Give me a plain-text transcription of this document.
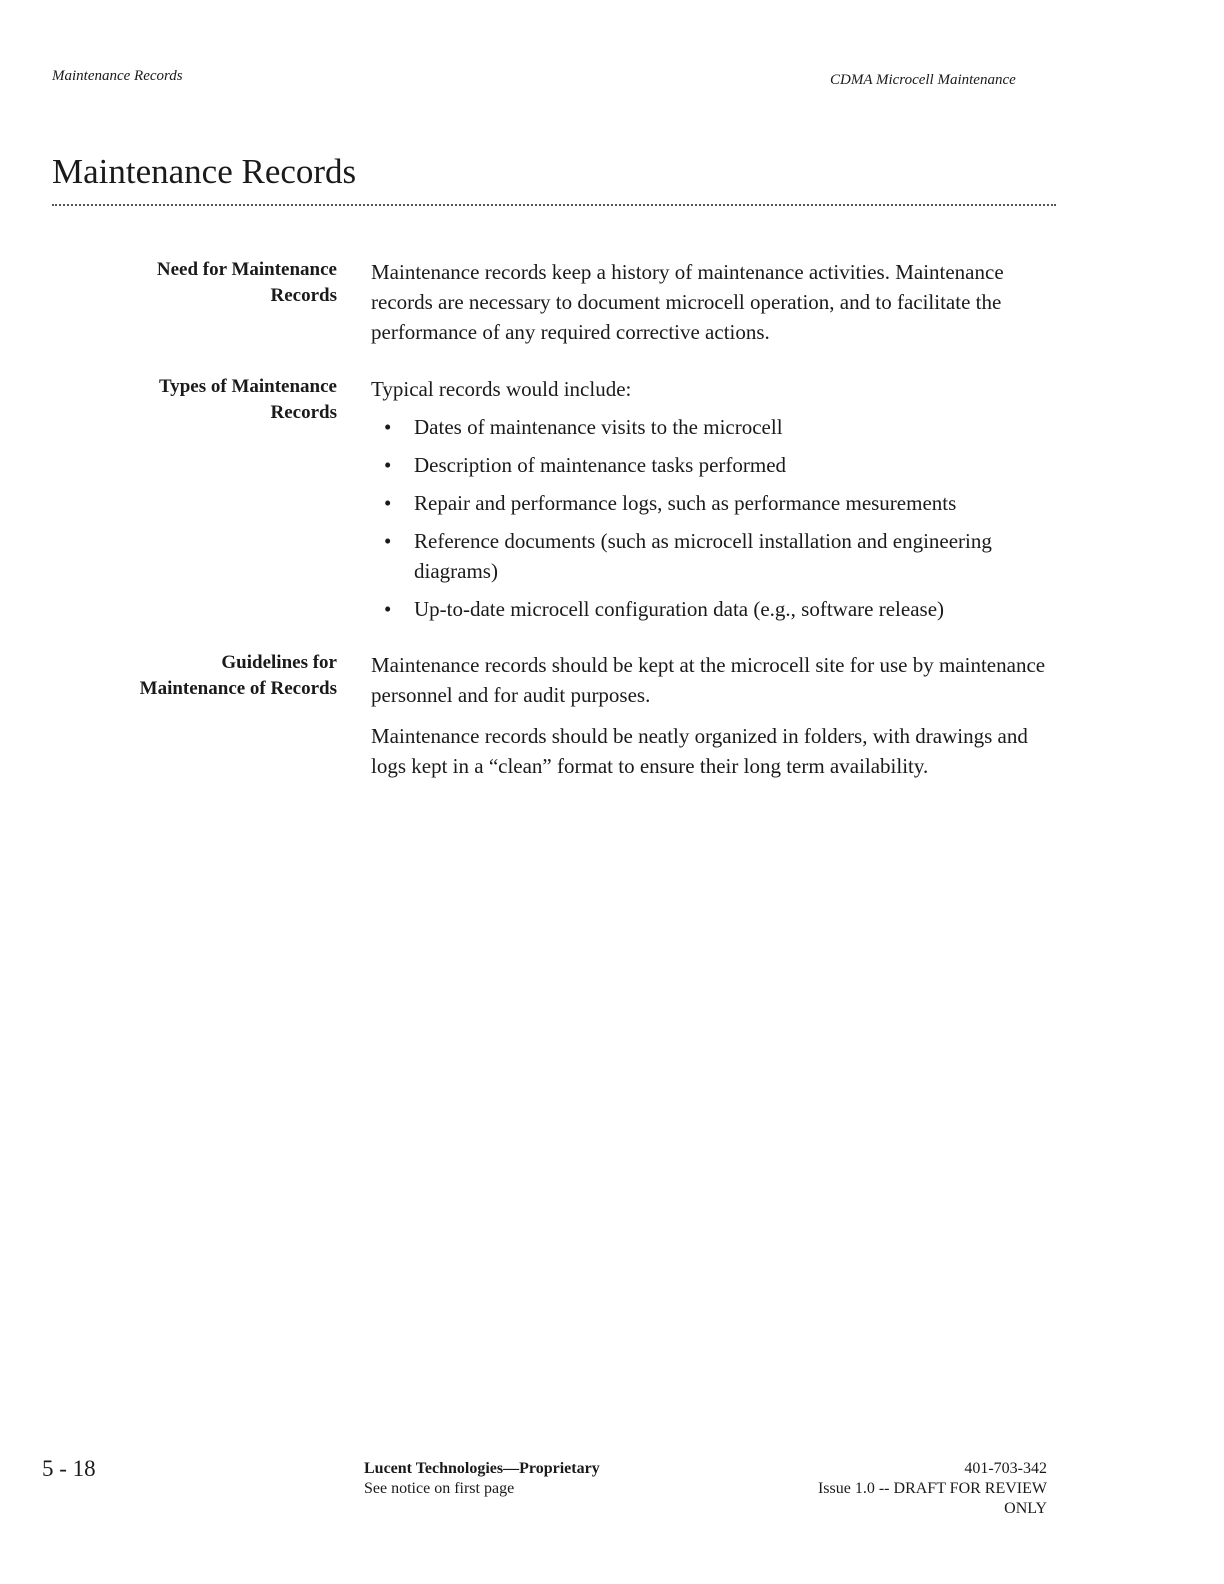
Maintenance Records	CDMA Microcell Maintenance
Maintenance Records
Need for Maintenance
Records

Maintenance records keep a history of maintenance activities. Maintenance records are necessary to document microcell operation, and to facilitate the performance of any required corrective actions.

Types of Maintenance
Records

Typical records would include:

• Dates of maintenance visits to the microcell
• Description of maintenance tasks performed
• Repair and performance logs, such as performance mesurements
• Reference documents (such as microcell installation and engineering diagrams)
• Up-to-date microcell configuration data (e.g., software release)
Guidelines for
Maintenance of Records

Maintenance records should be kept at the microcell site for use by maintenance personnel and for audit purposes.

Maintenance records should be neatly organized in folders, with drawings and logs kept in a “clean” format to ensure their long term availability.

5 - 18	Lucent Technologies—Proprietary
See notice on first page
401-703-342
Issue 1.0 -- DRAFT FOR REVIEW
ONLY
